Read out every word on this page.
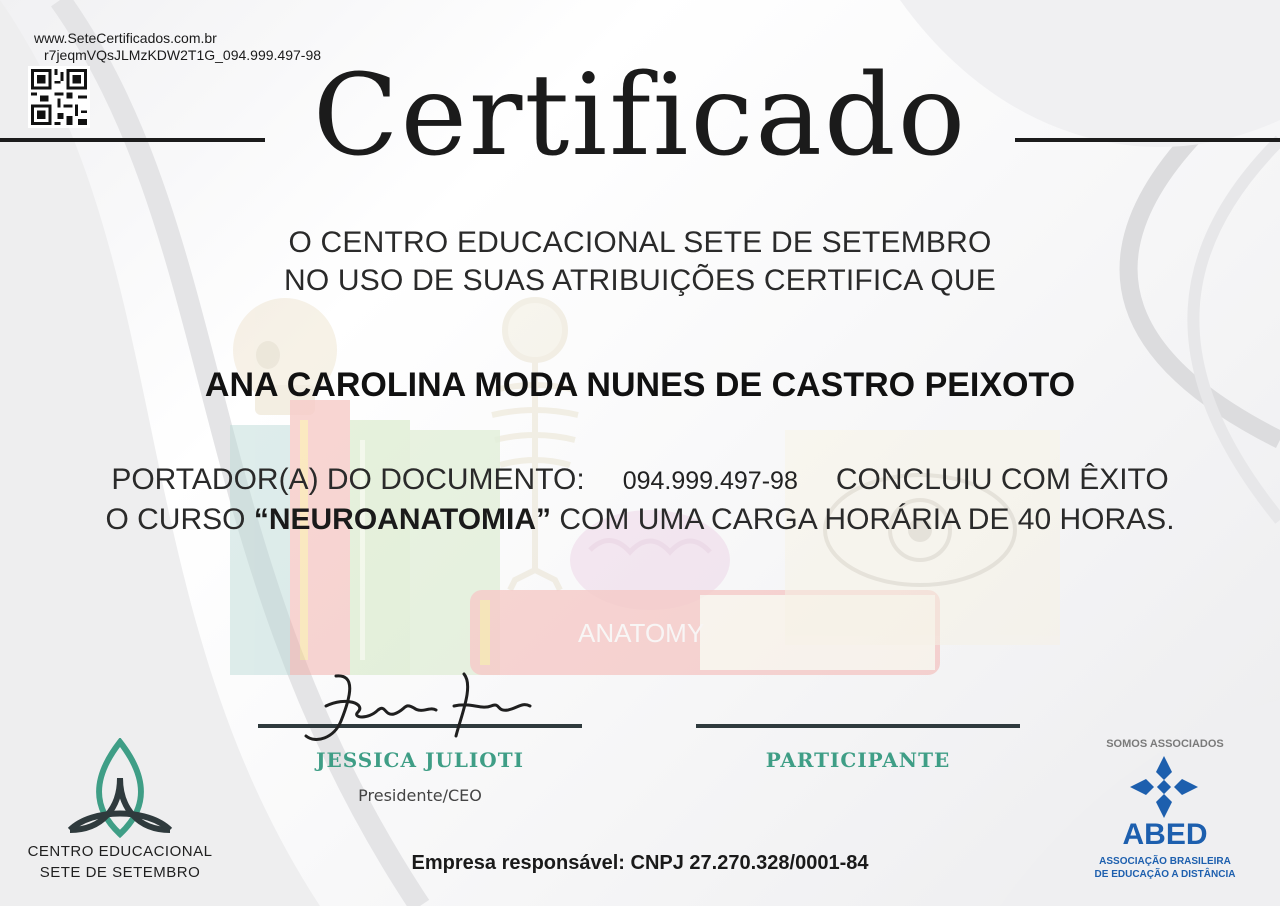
www.SeteCertificados.com.br
r7jeqmVQsJLMzKDW2T1G_094.999.497-98
Certificado
O CENTRO EDUCACIONAL SETE DE SETEMBRO
NO USO DE SUAS ATRIBUIÇÕES CERTIFICA QUE
ANATOMY
ANA CAROLINA MODA NUNES DE CASTRO PEIXOTO
PORTADOR(A) DO DOCUMENTO: 094.999.497-98 CONCLUIU COM ÊXITO
O CURSO “NEUROANATOMIA” COM UMA CARGA HORÁRIA DE 40 HORAS.
JESSICA JULIOTI
Presidente/CEO
PARTICIPANTE
CENTRO EDUCACIONAL
SETE DE SETEMBRO	Empresa responsável: CNPJ 27.270.328/0001-84
SOMOS ASSOCIADOS
ABED
ASSOCIAÇÃO BRASILEIRA
DE EDUCAÇÃO A DISTÂNCIA
